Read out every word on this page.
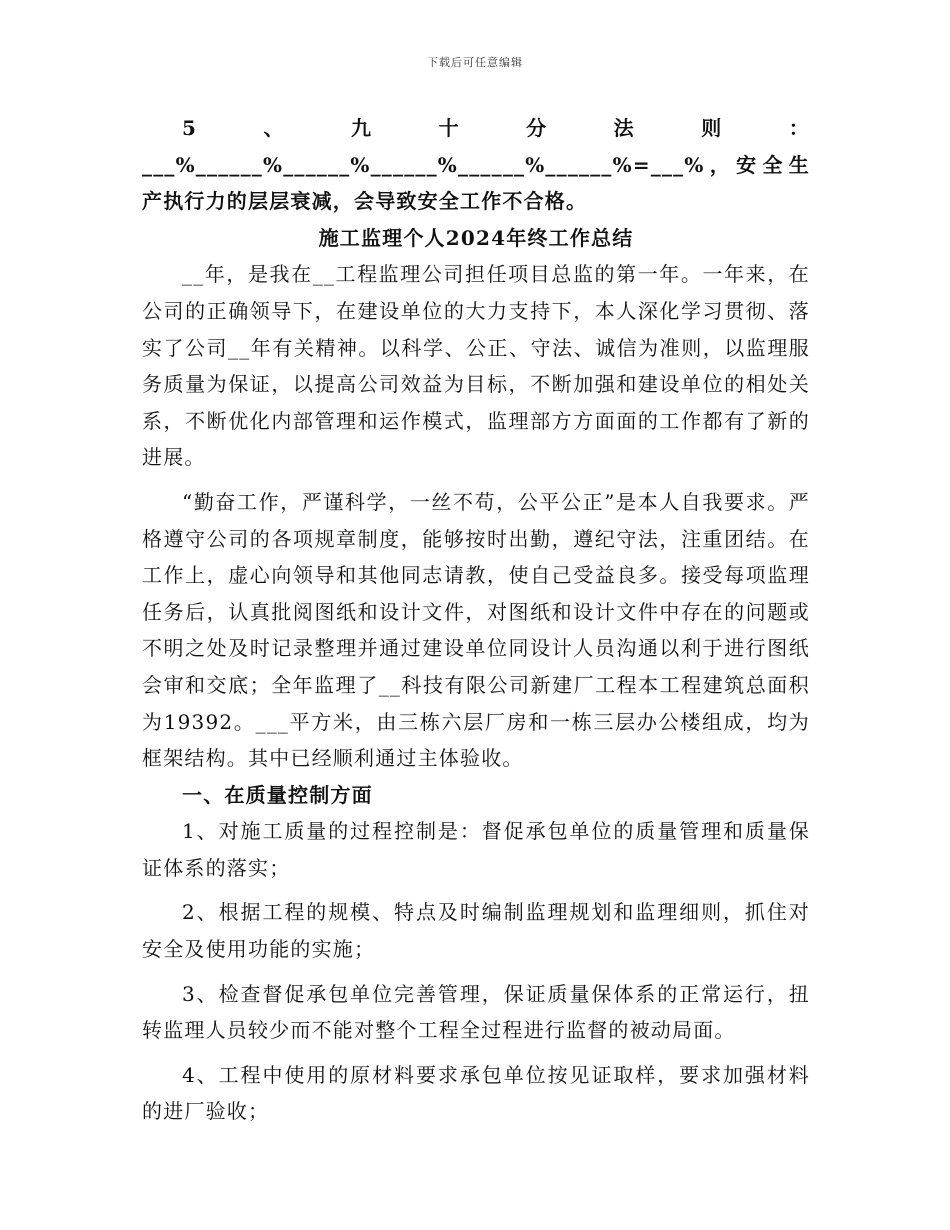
下载后可任意编辑

5、九十分法则：___%______%______%______%______%______%=___%，安全生产执行力的层层衰减，会导致安全工作不合格。

施工监理个人2024年终工作总结

__年，是我在__工程监理公司担任项目总监的第一年。一年来，在公司的正确领导下，在建设单位的大力支持下，本人深化学习贯彻、落实了公司__年有关精神。以科学、公正、守法、诚信为准则，以监理服务质量为保证，以提高公司效益为目标，不断加强和建设单位的相处关系，不断优化内部管理和运作模式，监理部方方面面的工作都有了新的进展。

“勤奋工作，严谨科学，一丝不苟，公平公正”是本人自我要求。严格遵守公司的各项规章制度，能够按时出勤，遵纪守法，注重团结。在工作上，虚心向领导和其他同志请教，使自己受益良多。接受每项监理任务后，认真批阅图纸和设计文件，对图纸和设计文件中存在的问题或不明之处及时记录整理并通过建设单位同设计人员沟通以利于进行图纸会审和交底；全年监理了__科技有限公司新建厂工程本工程建筑总面积为19392。___平方米，由三栋六层厂房和一栋三层办公楼组成，均为框架结构。其中已经顺利通过主体验收。

一、在质量控制方面

1、对施工质量的过程控制是：督促承包单位的质量管理和质量保证体系的落实；

2、根据工程的规模、特点及时编制监理规划和监理细则，抓住对安全及使用功能的实施；

3、检查督促承包单位完善管理，保证质量保体系的正常运行，扭转监理人员较少而不能对整个工程全过程进行监督的被动局面。

4、工程中使用的原材料要求承包单位按见证取样，要求加强材料的进厂验收；
